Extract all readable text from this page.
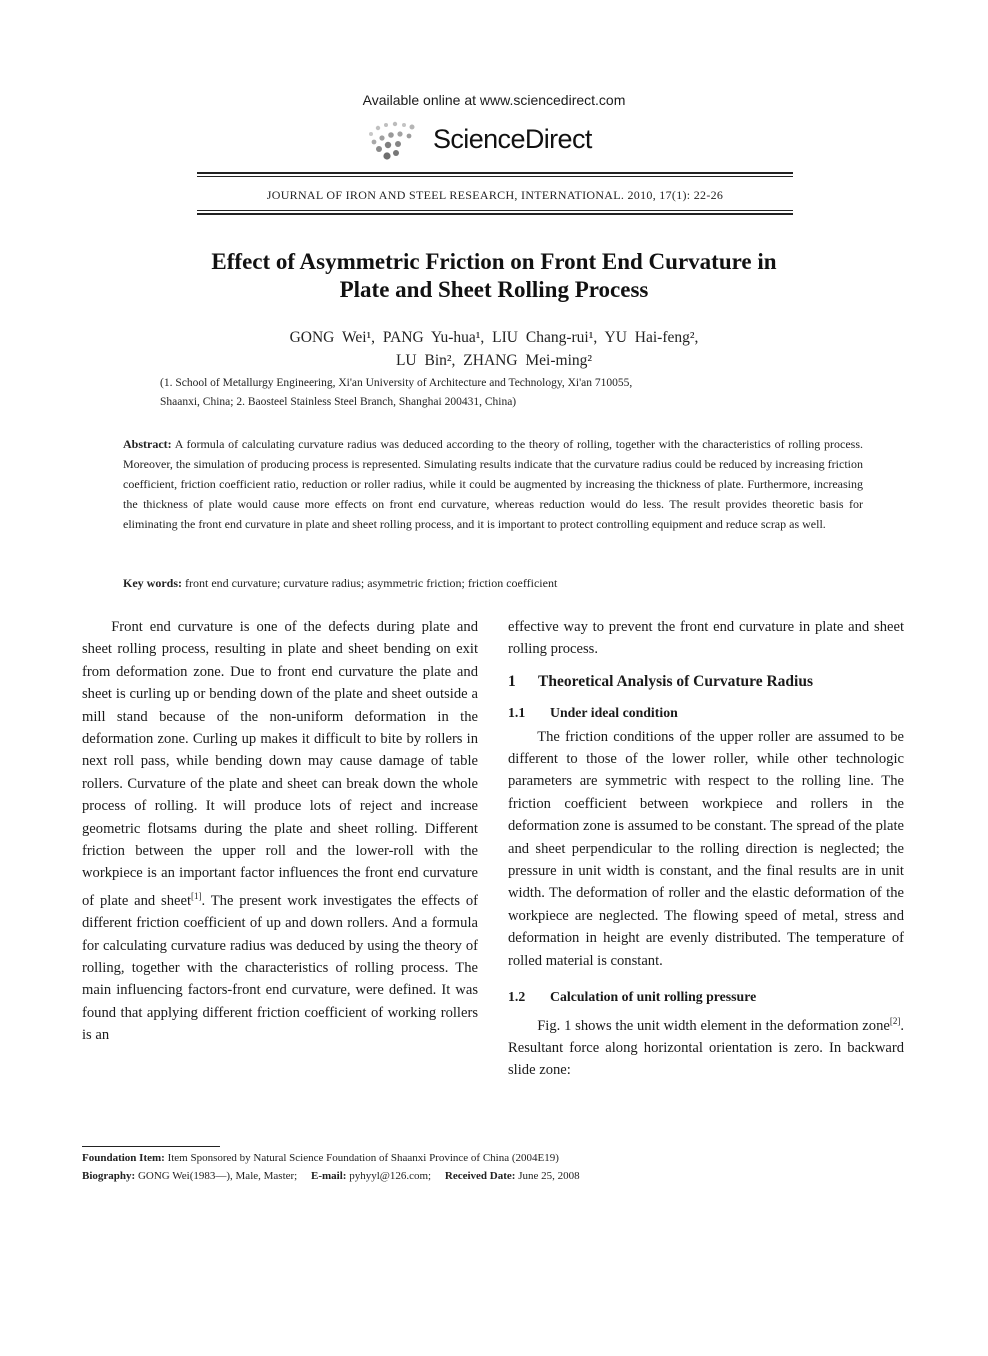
Available online at www.sciencedirect.com
ScienceDirect
JOURNAL OF IRON AND STEEL RESEARCH, INTERNATIONAL. 2010, 17(1): 22-26
Effect of Asymmetric Friction on Front End Curvature in
Plate and Sheet Rolling Process
GONG Wei¹, PANG Yu-hua¹, LIU Chang-rui¹, YU Hai-feng²,
LU Bin², ZHANG Mei-ming²
(1. School of Metallurgy Engineering, Xi'an University of Architecture and Technology, Xi'an 710055,
Shaanxi, China; 2. Baosteel Stainless Steel Branch, Shanghai 200431, China)
Abstract: A formula of calculating curvature radius was deduced according to the theory of rolling, together with the characteristics of rolling process. Moreover, the simulation of producing process is represented. Simulating results indicate that the curvature radius could be reduced by increasing friction coefficient, friction coefficient ratio, reduction or roller radius, while it could be augmented by increasing the thickness of plate. Furthermore, increasing the thickness of plate would cause more effects on front end curvature, whereas reduction would do less. The result provides theoretic basis for eliminating the front end curvature in plate and sheet rolling process, and it is important to protect controlling equipment and reduce scrap as well.
Key words: front end curvature; curvature radius; asymmetric friction; friction coefficient

Front end curvature is one of the defects during plate and sheet rolling process, resulting in plate and sheet bending on exit from deformation zone. Due to front end curvature the plate and sheet is curling up or bending down of the plate and sheet outside a mill stand because of the non-uniform deformation in the deformation zone. Curling up makes it difficult to bite by rollers in next roll pass, while bending down may cause damage of table rollers. Curvature of the plate and sheet can break down the whole process of rolling. It will produce lots of reject and increase geometric flotsams during the plate and sheet rolling. Different friction between the upper roll and the lower-roll with the workpiece is an important factor influences the front end curvature of plate and sheet[1]. The present work investigates the effects of different friction coefficient of up and down rollers. And a formula for calculating curvature radius was deduced by using the theory of rolling, together with the characteristics of rolling process. The main influencing factors-front end curvature, were defined. It was found that applying different friction coefficient of working rollers is an

effective way to prevent the front end curvature in plate and sheet rolling process.

1 Theoretical Analysis of Curvature Radius

1.1 Under ideal condition

The friction conditions of the upper roller are assumed to be different to those of the lower roller, while other technologic parameters are symmetric with respect to the rolling line. The friction coefficient between workpiece and rollers in the deformation zone is assumed to be constant. The spread of the plate and sheet perpendicular to the rolling direction is neglected; the pressure in unit width is constant, and the final results are in unit width. The deformation of roller and the elastic deformation of the workpiece are neglected. The flowing speed of metal, stress and deformation in height are evenly distributed. The temperature of rolled material is constant.

1.2 Calculation of unit rolling pressure

Fig. 1 shows the unit width element in the deformation zone[2]. Resultant force along horizontal orientation is zero. In backward slide zone:

Foundation Item: Item Sponsored by Natural Science Foundation of Shaanxi Province of China (2004E19)
Biography: GONG Wei(1983—), Male, Master; E-mail: pyhyyl@126.com; Received Date: June 25, 2008
